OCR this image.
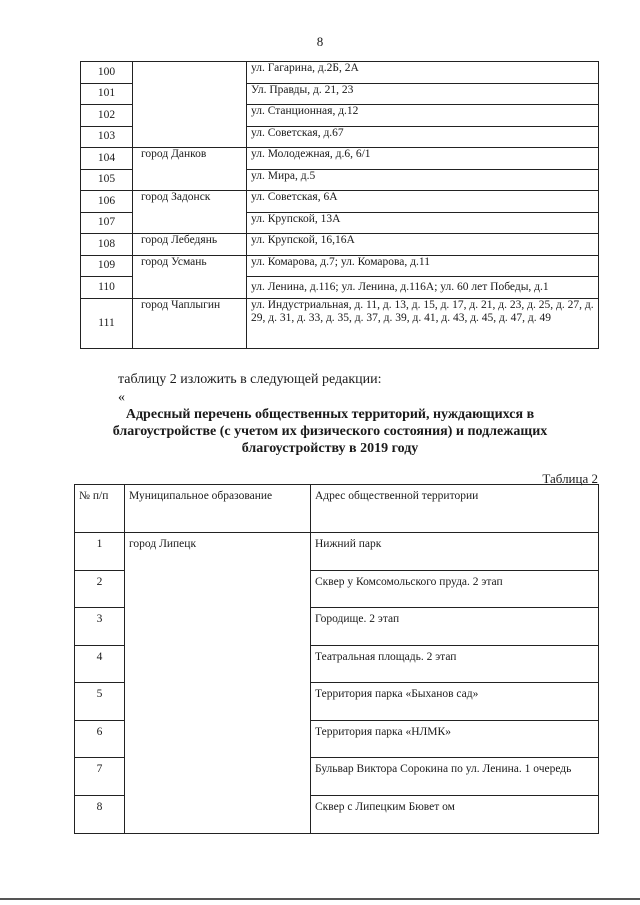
8
100		ул. Гагарина, д.2Б, 2А
101		Ул. Правды, д. 21, 23
102		ул. Станционная, д.12
103		ул. Советская, д.67
104	город Данков	ул. Молодежная, д.6, 6/1
105		ул. Мира, д.5
106	город Задонск	ул. Советская, 6А
107		ул. Крупской, 13А
108	город Лебедянь	ул. Крупской, 16,16А
109	город Усмань	ул. Комарова, д.7; ул. Комарова, д.11
110		ул. Ленина, д.116; ул. Ленина, д.116А; ул. 60 лет Победы, д.1
111	город Чаплыгин	ул. Индустриальная, д. 11, д. 13, д. 15, д. 17, д. 21, д. 23, д. 25, д. 27, д. 29, д. 31, д. 33, д. 35, д. 37, д. 39, д. 41, д. 43, д. 45, д. 47, д. 49
таблицу 2 изложить в следующей редакции:
«
Адресный перечень общественных территорий, нуждающихся в благоустройстве (с учетом их физического состояния) и подлежащих благоустройству в 2019 году
Таблица 2
№ п/п	Муниципальное образование	Адрес общественной территории
1	город Липецк	Нижний парк
2		Сквер у Комсомольского пруда. 2 этап
3		Городище. 2 этап
4		Театральная площадь. 2 этап
5		Территория парка «Быханов сад»
6		Территория парка «НЛМК»
7		Бульвар Виктора Сорокина по ул. Ленина. 1 очередь
8		Сквер с Липецким Бювет ом
